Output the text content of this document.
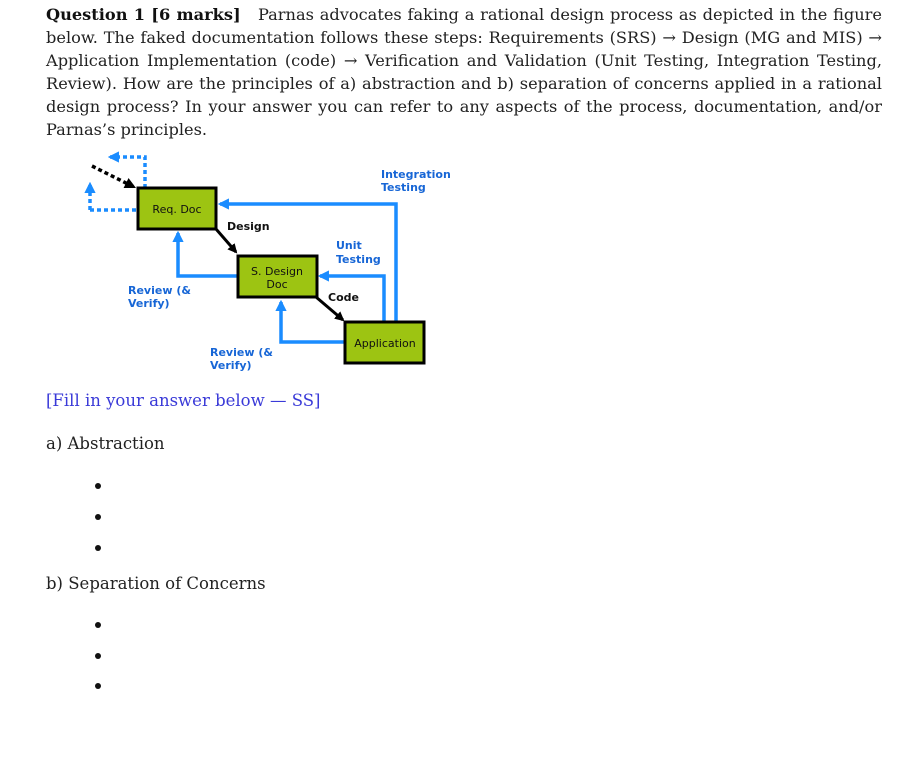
Question 1 [6 marks] Parnas advocates faking a rational design process as depicted in the figure below. The faked documentation follows these steps: Requirements (SRS) → Design (MG and MIS) → Application Implementation (code) → Verification and Validation (Unit Testing, Integration Testing, Review). How are the principles of a) abstraction and b) separation of concerns applied in a rational design process? In your answer you can refer to any aspects of the process, documentation, and/or Parnas’s principles.

Req. Doc
S. Design
Doc
Application
Design
Code
Unit
Testing
Integration
Testing
Review (&
Verify)
Review (&
Verify)

[Fill in your answer below — SS]

a) Abstraction

b) Separation of Concerns
